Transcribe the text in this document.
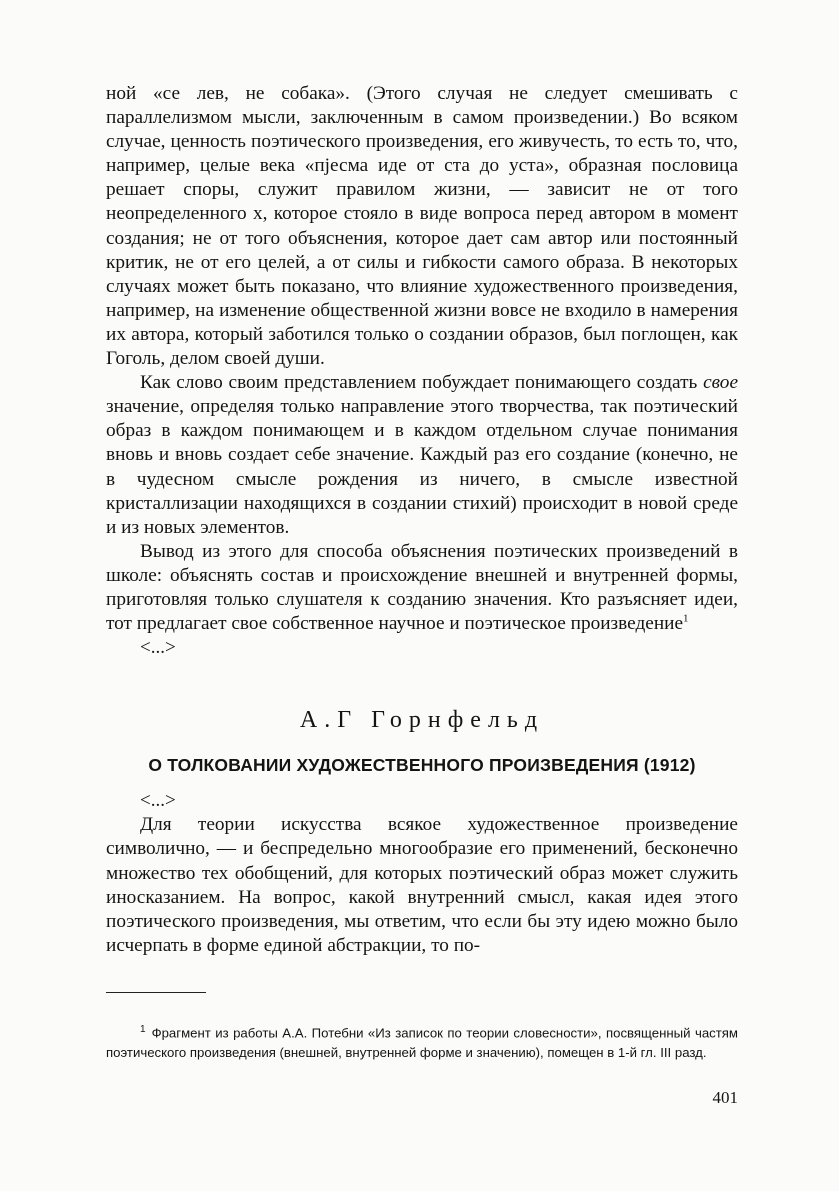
ной «се лев, не собака». (Этого случая не следует смешивать с параллелизмом мысли, заключенным в самом произведении.) Во всяком случае, ценность поэтического произведения, его живучесть, то есть то, что, например, целые века «пjесма иде от ста до уста», образная пословица решает споры, служит правилом жизни, — зависит не от того неопределенного x, которое стояло в виде вопроса перед автором в момент создания; не от того объяснения, которое дает сам автор или постоянный критик, не от его целей, а от силы и гибкости самого образа. В некоторых случаях может быть показано, что влияние художественного произведения, например, на изменение общественной жизни вовсе не входило в намерения их автора, который заботился только о создании образов, был поглощен, как Гоголь, делом своей души.

Как слово своим представлением побуждает понимающего создать свое значение, определяя только направление этого творчества, так поэтический образ в каждом понимающем и в каждом отдельном случае понимания вновь и вновь создает себе значение. Каждый раз его создание (конечно, не в чудесном смысле рождения из ничего, в смысле известной кристаллизации находящихся в создании стихий) происходит в новой среде и из новых элементов.

Вывод из этого для способа объяснения поэтических произведений в школе: объяснять состав и происхождение внешней и внутренней формы, приготовляя только слушателя к созданию значения. Кто разъясняет идеи, тот предлагает свое собственное научное и поэтическое произведение$^1$

<...>

А.Г Горнфельд
О ТОЛКОВАНИИ ХУДОЖЕСТВЕННОГО ПРОИЗВЕДЕНИЯ (1912)

<...>

Для теории искусства всякое художественное произведение символично, — и беспредельно многообразие его применений, бесконечно множество тех обобщений, для которых поэтический образ может служить иносказанием. На вопрос, какой внутренний смысл, какая идея этого поэтического произведения, мы ответим, что если бы эту идею можно было исчерпать в форме единой абстракции, то по-

$^1$ Фрагмент из работы А.А. Потебни «Из записок по теории словесности», посвященный частям поэтического произведения (внешней, внутренней форме и значению), помещен в 1-й гл. III разд.
401
